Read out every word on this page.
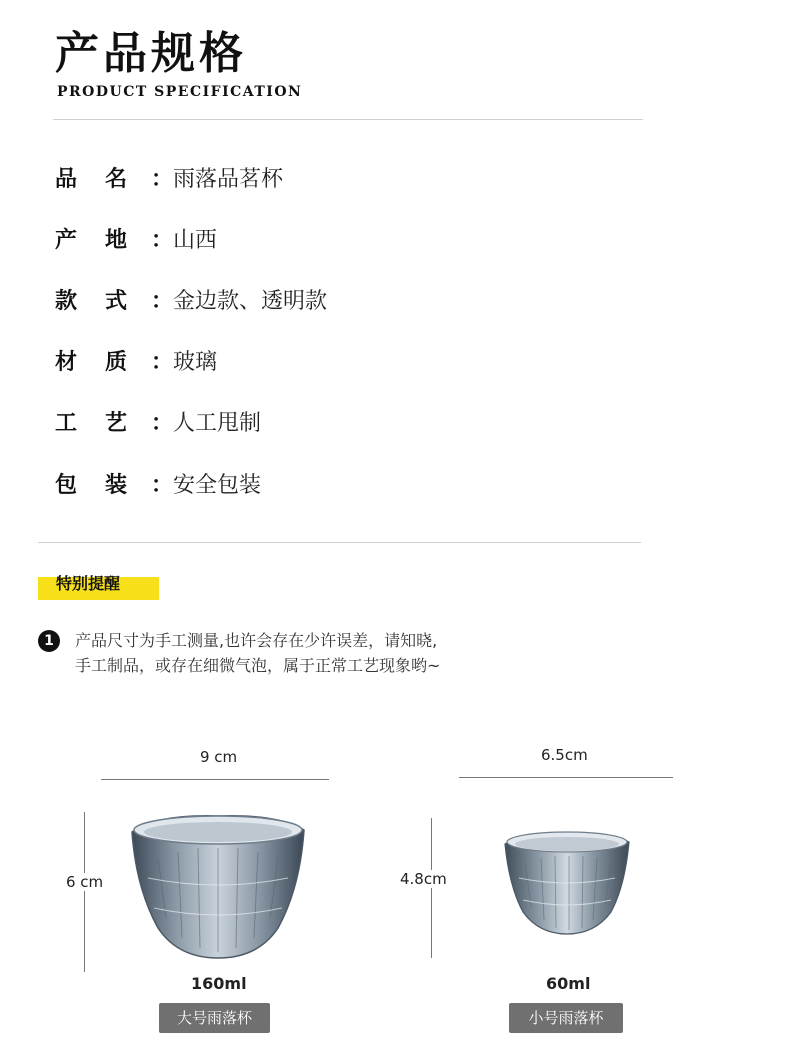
产品规格
PRODUCT SPECIFICATION
品 名 ： 雨落品茗杯
产 地 ： 山西
款 式 ： 金边款、透明款
材 质 ： 玻璃
工 艺 ： 人工甩制
包 装 ： 安全包装
特别提醒
1	产品尺寸为手工测量,也许会存在少许误差，请知晓,
手工制品，或存在细微气泡，属于正常工艺现象哟~
9 cm
6 cm
160ml
大号雨落杯
6.5cm
4.8cm
60ml
小号雨落杯
